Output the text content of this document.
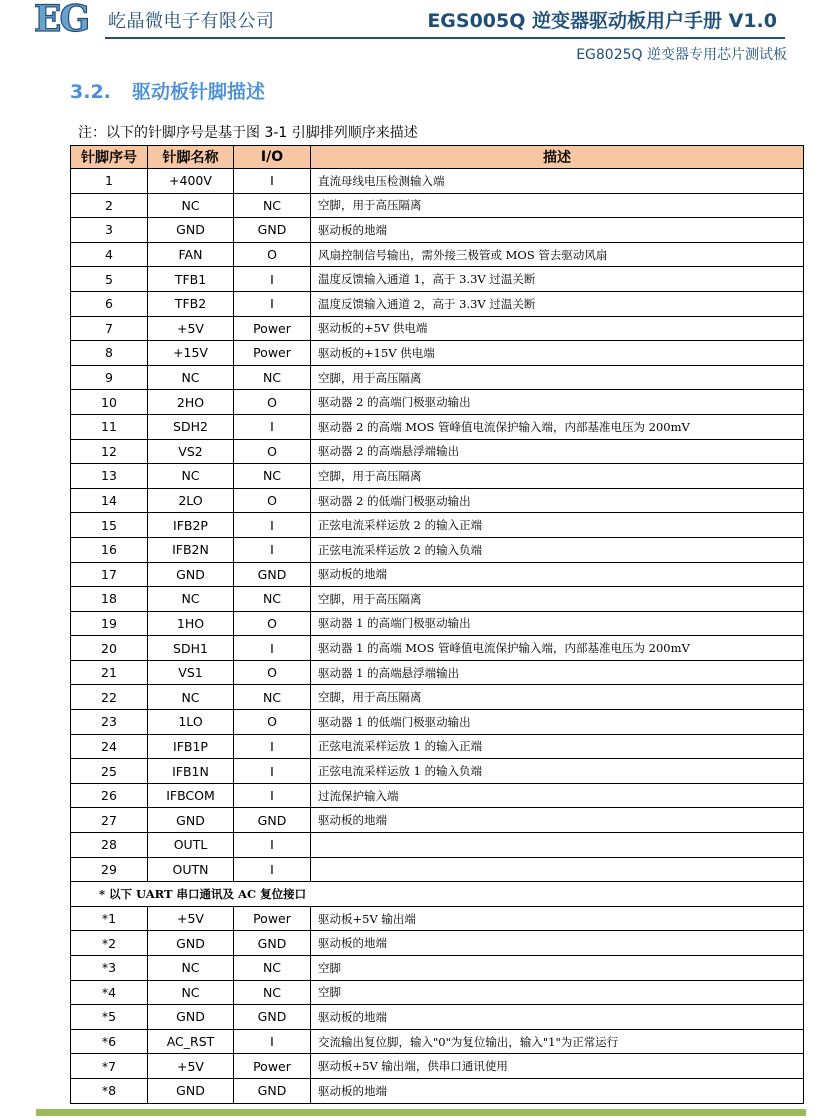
EG 屹晶微电子有限公司	EGS005Q 逆变器驱动板用户手册 V1.0
EG8025Q 逆变器专用芯片测试板
3.2. 驱动板针脚描述
注：以下的针脚序号是基于图 3-1 引脚排列顺序来描述
针脚序号	针脚名称	I/O	描述
1	+400V	I	直流母线电压检测输入端
2	NC	NC	空脚，用于高压隔离
3	GND	GND	驱动板的地端
4	FAN	O	风扇控制信号输出，需外接三极管或 MOS 管去驱动风扇
5	TFB1	I	温度反馈输入通道 1，高于 3.3V 过温关断
6	TFB2	I	温度反馈输入通道 2，高于 3.3V 过温关断
7	+5V	Power	驱动板的+5V 供电端
8	+15V	Power	驱动板的+15V 供电端
9	NC	NC	空脚，用于高压隔离
10	2HO	O	驱动器 2 的高端门极驱动输出
11	SDH2	I	驱动器 2 的高端 MOS 管峰值电流保护输入端，内部基准电压为 200mV
12	VS2	O	驱动器 2 的高端悬浮端输出
13	NC	NC	空脚，用于高压隔离
14	2LO	O	驱动器 2 的低端门极驱动输出
15	IFB2P	I	正弦电流采样运放 2 的输入正端
16	IFB2N	I	正弦电流采样运放 2 的输入负端
17	GND	GND	驱动板的地端
18	NC	NC	空脚，用于高压隔离
19	1HO	O	驱动器 1 的高端门极驱动输出
20	SDH1	I	驱动器 1 的高端 MOS 管峰值电流保护输入端，内部基准电压为 200mV
21	VS1	O	驱动器 1 的高端悬浮端输出
22	NC	NC	空脚，用于高压隔离
23	1LO	O	驱动器 1 的低端门极驱动输出
24	IFB1P	I	正弦电流采样运放 1 的输入正端
25	IFB1N	I	正弦电流采样运放 1 的输入负端
26	IFBCOM	I	过流保护输入端
27	GND	GND	驱动板的地端
28	OUTL	I	
29	OUTN	I	
* 以下 UART 串口通讯及 AC 复位接口			
*1	+5V	Power	驱动板+5V 输出端
*2	GND	GND	驱动板的地端
*3	NC	NC	空脚
*4	NC	NC	空脚
*5	GND	GND	驱动板的地端
*6	AC_RST	I	交流输出复位脚，输入"0"为复位输出，输入"1"为正常运行
*7	+5V	Power	驱动板+5V 输出端，供串口通讯使用
*8	GND	GND	驱动板的地端
